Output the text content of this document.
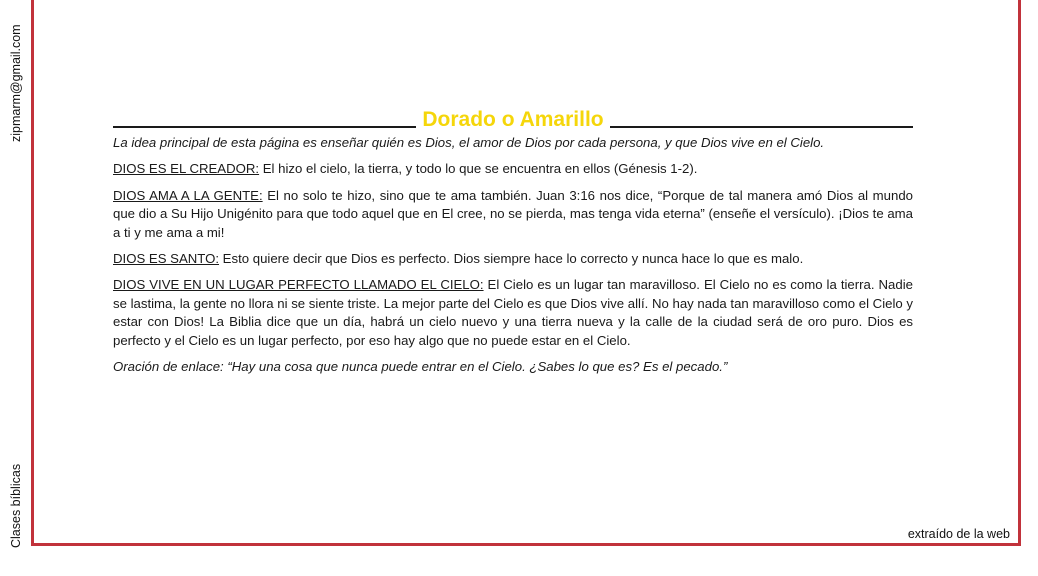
zipmarm@gmail.com
Clases bíblicas
Dorado o Amarillo

La idea principal de esta página es enseñar quién es Dios, el amor de Dios por cada persona, y que Dios vive en el Cielo.

DIOS ES EL CREADOR: El hizo el cielo, la tierra, y todo lo que se encuentra en ellos (Génesis 1-2).

DIOS AMA A LA GENTE: El no solo te hizo, sino que te ama también. Juan 3:16 nos dice, “Porque de tal manera amó Dios al mundo que dio a Su Hijo Unigénito para que todo aquel que en El cree, no se pierda, mas tenga vida eterna” (enseñe el versículo). ¡Dios te ama a ti y me ama a mi!

DIOS ES SANTO: Esto quiere decir que Dios es perfecto. Dios siempre hace lo correcto y nunca hace lo que es malo.

DIOS VIVE EN UN LUGAR PERFECTO LLAMADO EL CIELO: El Cielo es un lugar tan maravilloso. El Cielo no es como la tierra. Nadie se lastima, la gente no llora ni se siente triste. La mejor parte del Cielo es que Dios vive allí. No hay nada tan maravilloso como el Cielo y estar con Dios! La Biblia dice que un día, habrá un cielo nuevo y una tierra nueva y la calle de la ciudad será de oro puro. Dios es perfecto y el Cielo es un lugar perfecto, por eso hay algo que no puede estar en el Cielo.

Oración de enlace: “Hay una cosa que nunca puede entrar en el Cielo. ¿Sabes lo que es? Es el pecado.”

extraído de la web
